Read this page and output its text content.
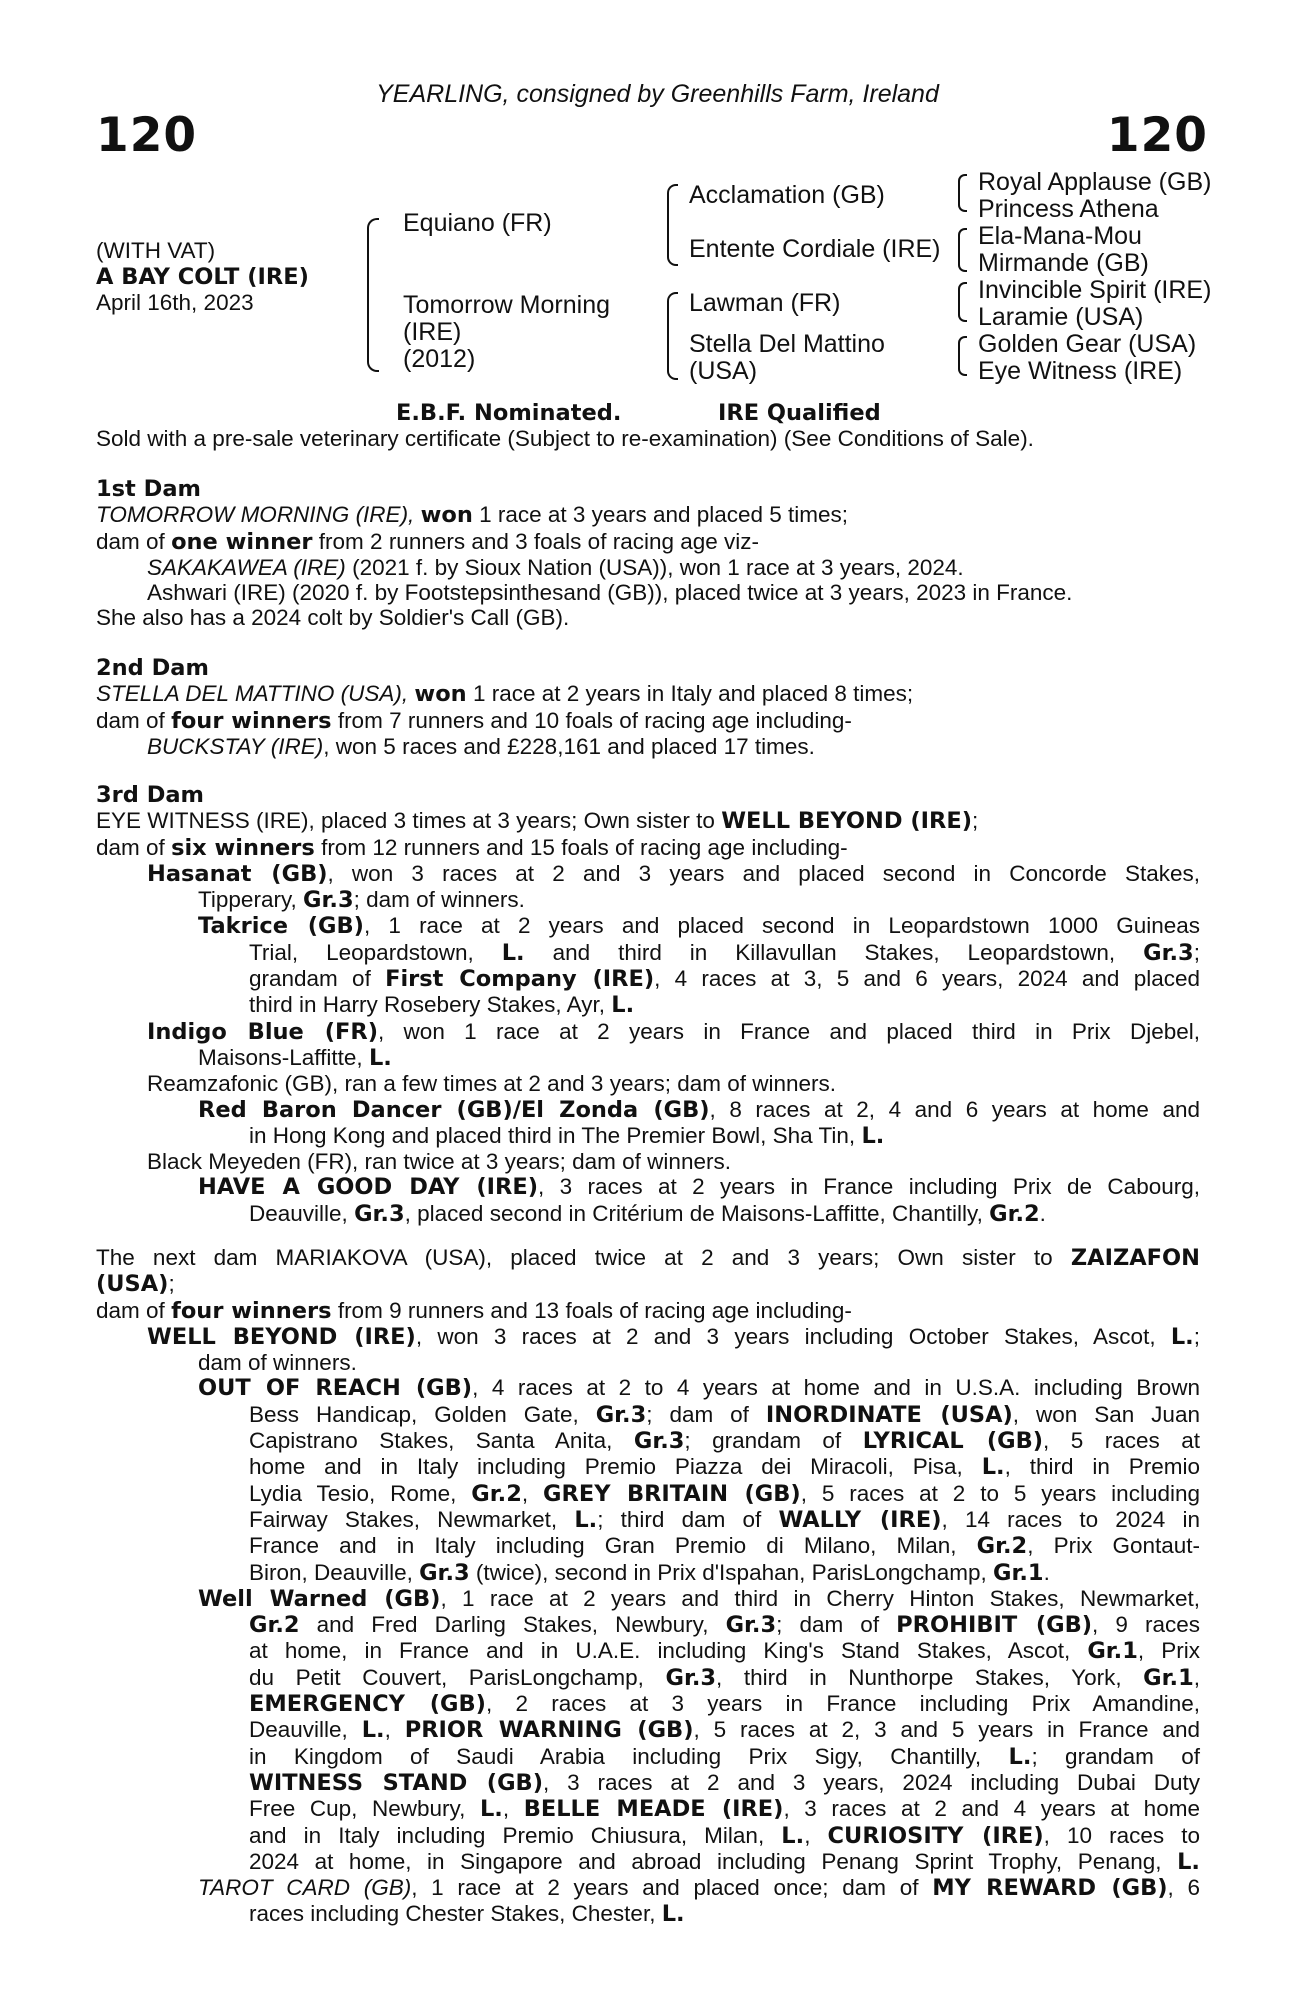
YEARLING, consigned by Greenhills Farm, Ireland
120	120
(WITH VAT)
A BAY COLT (IRE)
April 16th, 2023
Equiano (FR)
Tomorrow Morning
(IRE)
(2012)
Acclamation (GB)
Entente Cordiale (IRE)
Lawman (FR)
Stella Del Mattino
(USA)
Royal Applause (GB)
Princess Athena
Ela-Mana-Mou
Mirmande (GB)
Invincible Spirit (IRE)
Laramie (USA)
Golden Gear (USA)
Eye Witness (IRE)
E.B.F. Nominated.	IRE Qualified
Sold with a pre-sale veterinary certificate (Subject to re-examination) (See Conditions of Sale).
1st Dam
TOMORROW MORNING (IRE), won 1 race at 3 years and placed 5 times;
dam of one winner from 2 runners and 3 foals of racing age viz-
SAKAKAWEA (IRE) (2021 f. by Sioux Nation (USA)), won 1 race at 3 years, 2024.
Ashwari (IRE) (2020 f. by Footstepsinthesand (GB)), placed twice at 3 years, 2023 in France.
She also has a 2024 colt by Soldier's Call (GB).
2nd Dam
STELLA DEL MATTINO (USA), won 1 race at 2 years in Italy and placed 8 times;
dam of four winners from 7 runners and 10 foals of racing age including-
BUCKSTAY (IRE), won 5 races and £228,161 and placed 17 times.
3rd Dam
EYE WITNESS (IRE), placed 3 times at 3 years; Own sister to WELL BEYOND (IRE);
dam of six winners from 12 runners and 15 foals of racing age including-
Hasanat (GB), won 3 races at 2 and 3 years and placed second in Concorde Stakes,
Tipperary, Gr.3; dam of winners.
Takrice (GB), 1 race at 2 years and placed second in Leopardstown 1000 Guineas
Trial, Leopardstown, L. and third in Killavullan Stakes, Leopardstown, Gr.3;
grandam of First Company (IRE), 4 races at 3, 5 and 6 years, 2024 and placed
third in Harry Rosebery Stakes, Ayr, L.
Indigo Blue (FR), won 1 race at 2 years in France and placed third in Prix Djebel,
Maisons-Laffitte, L.
Reamzafonic (GB), ran a few times at 2 and 3 years; dam of winners.
Red Baron Dancer (GB)/El Zonda (GB), 8 races at 2, 4 and 6 years at home and
in Hong Kong and placed third in The Premier Bowl, Sha Tin, L.
Black Meyeden (FR), ran twice at 3 years; dam of winners.
HAVE A GOOD DAY (IRE), 3 races at 2 years in France including Prix de Cabourg,
Deauville, Gr.3, placed second in Critérium de Maisons-Laffitte, Chantilly, Gr.2.
The next dam MARIAKOVA (USA), placed twice at 2 and 3 years; Own sister to ZAIZAFON
(USA);
dam of four winners from 9 runners and 13 foals of racing age including-
WELL BEYOND (IRE), won 3 races at 2 and 3 years including October Stakes, Ascot, L.;
dam of winners.
OUT OF REACH (GB), 4 races at 2 to 4 years at home and in U.S.A. including Brown
Bess Handicap, Golden Gate, Gr.3; dam of INORDINATE (USA), won San Juan
Capistrano Stakes, Santa Anita, Gr.3; grandam of LYRICAL (GB), 5 races at
home and in Italy including Premio Piazza dei Miracoli, Pisa, L., third in Premio
Lydia Tesio, Rome, Gr.2, GREY BRITAIN (GB), 5 races at 2 to 5 years including
Fairway Stakes, Newmarket, L.; third dam of WALLY (IRE), 14 races to 2024 in
France and in Italy including Gran Premio di Milano, Milan, Gr.2, Prix Gontaut-
Biron, Deauville, Gr.3 (twice), second in Prix d'Ispahan, ParisLongchamp, Gr.1.
Well Warned (GB), 1 race at 2 years and third in Cherry Hinton Stakes, Newmarket,
Gr.2 and Fred Darling Stakes, Newbury, Gr.3; dam of PROHIBIT (GB), 9 races
at home, in France and in U.A.E. including King's Stand Stakes, Ascot, Gr.1, Prix
du Petit Couvert, ParisLongchamp, Gr.3, third in Nunthorpe Stakes, York, Gr.1,
EMERGENCY (GB), 2 races at 3 years in France including Prix Amandine,
Deauville, L., PRIOR WARNING (GB), 5 races at 2, 3 and 5 years in France and
in Kingdom of Saudi Arabia including Prix Sigy, Chantilly, L.; grandam of
WITNESS STAND (GB), 3 races at 2 and 3 years, 2024 including Dubai Duty
Free Cup, Newbury, L., BELLE MEADE (IRE), 3 races at 2 and 4 years at home
and in Italy including Premio Chiusura, Milan, L., CURIOSITY (IRE), 10 races to
2024 at home, in Singapore and abroad including Penang Sprint Trophy, Penang, L.
TAROT CARD (GB), 1 race at 2 years and placed once; dam of MY REWARD (GB), 6
races including Chester Stakes, Chester, L.
